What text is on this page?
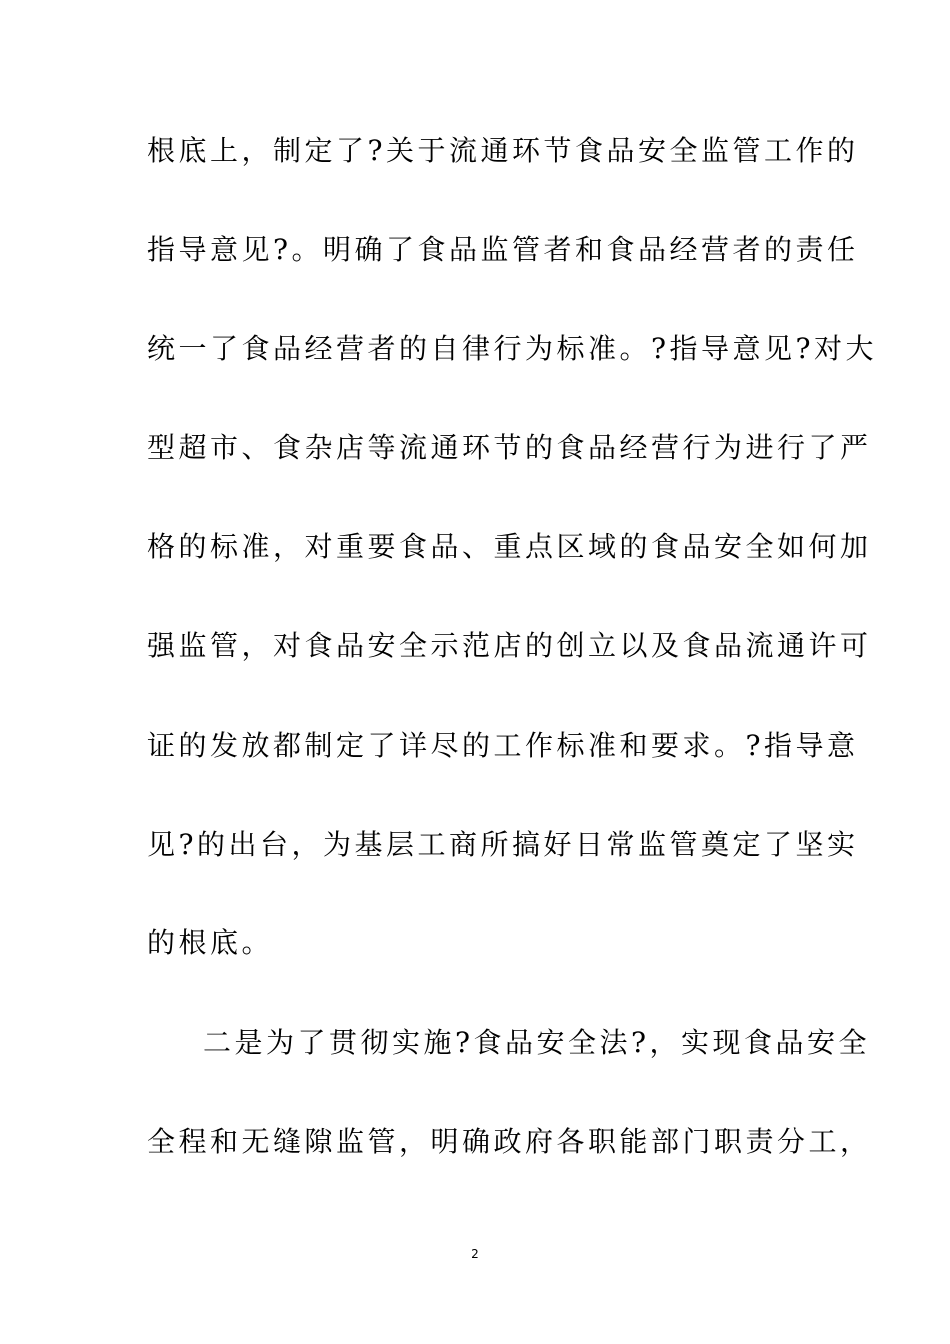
根底上，制定了?关于流通环节食品安全监管工作的
指导意见?。明确了食品监管者和食品经营者的责任
统一了食品经营者的自律行为标准。?指导意见?对大
型超市、食杂店等流通环节的食品经营行为进行了严
格的标准，对重要食品、重点区域的食品安全如何加
强监管，对食品安全示范店的创立以及食品流通许可
证的发放都制定了详尽的工作标准和要求。?指导意
见?的出台，为基层工商所搞好日常监管奠定了坚实
的根底。
二是为了贯彻实施?食品安全法?，实现食品安全
全程和无缝隙监管，明确政府各职能部门职责分工，
2
